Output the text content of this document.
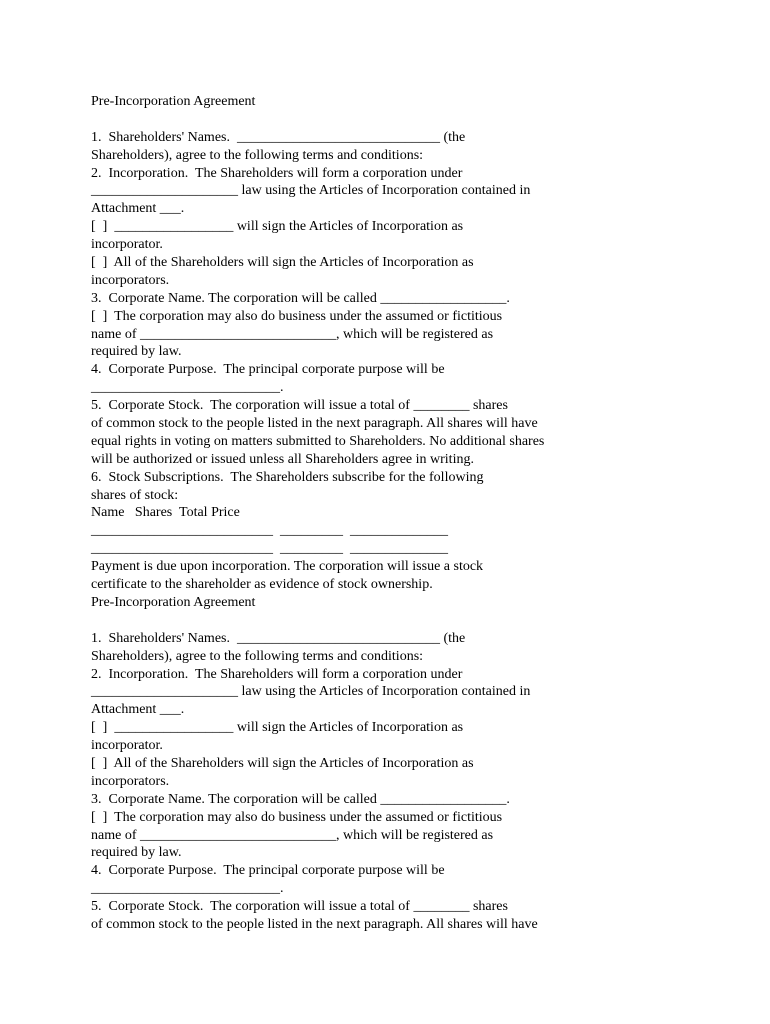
Pre-Incorporation Agreement
1.  Shareholders' Names.  _____________________________ (the
Shareholders), agree to the following terms and conditions:
2.  Incorporation.  The Shareholders will form a corporation under
_____________________ law using the Articles of Incorporation contained in
Attachment ___.
[  ]  _________________ will sign the Articles of Incorporation as
incorporator.
[  ]  All of the Shareholders will sign the Articles of Incorporation as
incorporators.
3.  Corporate Name. The corporation will be called __________________.
[  ]  The corporation may also do business under the assumed or fictitious
name of ____________________________, which will be registered as
required by law.
4.  Corporate Purpose.  The principal corporate purpose will be
___________________________.
5.  Corporate Stock.  The corporation will issue a total of ________ shares
of common stock to the people listed in the next paragraph. All shares will have
equal rights in voting on matters submitted to Shareholders. No additional shares
will be authorized or issued unless all Shareholders agree in writing.
6.  Stock Subscriptions.  The Shareholders subscribe for the following
shares of stock:
Name   Shares  Total Price
__________________________  _________  ______________
__________________________  _________  ______________
Payment is due upon incorporation. The corporation will issue a stock
certificate to the shareholder as evidence of stock ownership.
Pre-Incorporation Agreement
1.  Shareholders' Names.  _____________________________ (the
Shareholders), agree to the following terms and conditions:
2.  Incorporation.  The Shareholders will form a corporation under
_____________________ law using the Articles of Incorporation contained in
Attachment ___.
[  ]  _________________ will sign the Articles of Incorporation as
incorporator.
[  ]  All of the Shareholders will sign the Articles of Incorporation as
incorporators.
3.  Corporate Name. The corporation will be called __________________.
[  ]  The corporation may also do business under the assumed or fictitious
name of ____________________________, which will be registered as
required by law.
4.  Corporate Purpose.  The principal corporate purpose will be
___________________________.
5.  Corporate Stock.  The corporation will issue a total of ________ shares
of common stock to the people listed in the next paragraph. All shares will have
